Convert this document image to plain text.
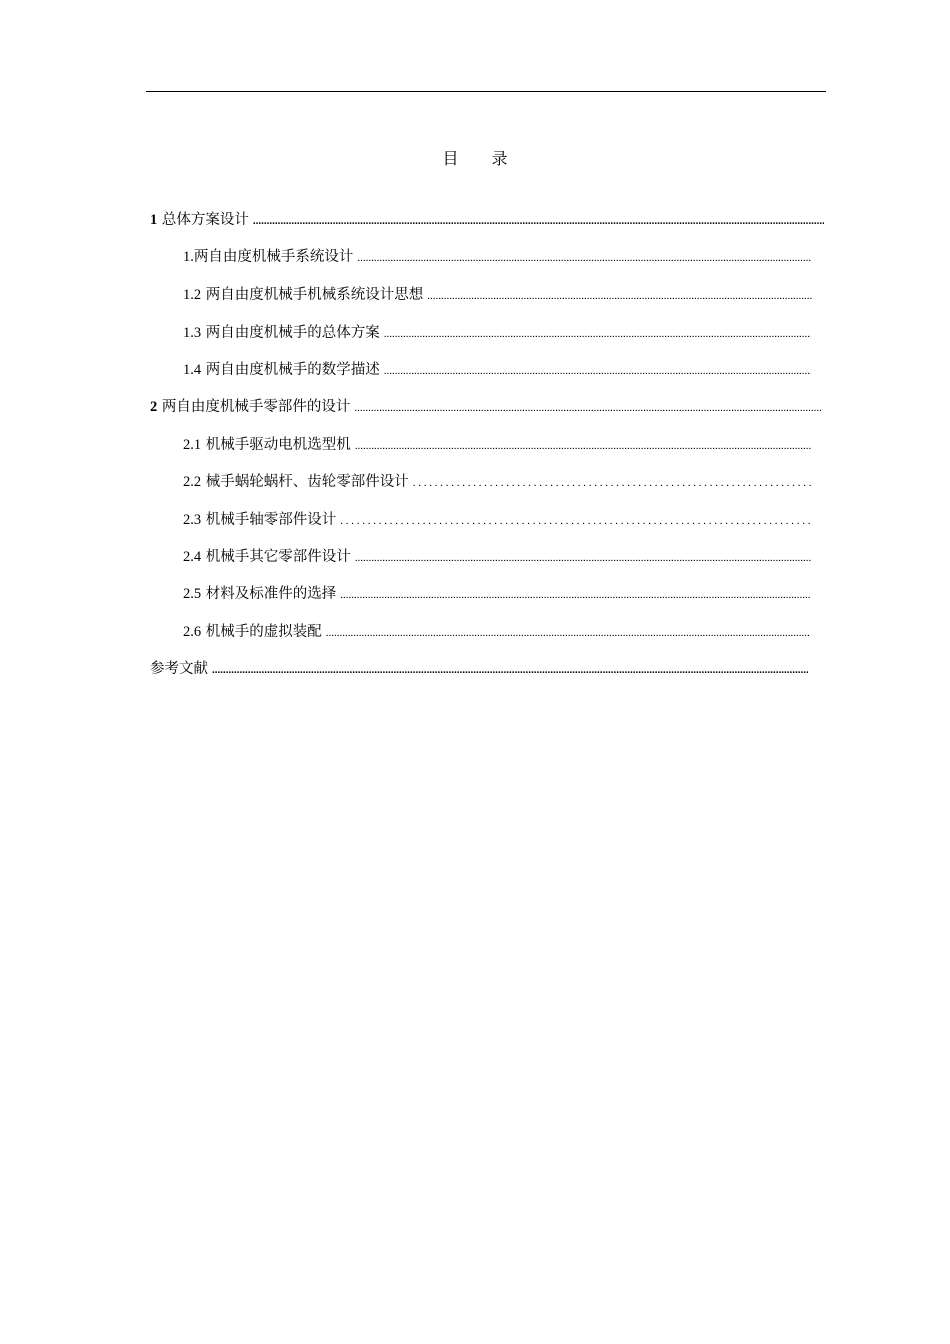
目 录
1 总体方案设计
.....
1.两自由度机械手系统设计
.....
1.2 两自由度机械手机械系统设计思想
.....
1.3 两自由度机械手的总体方案
.....
1.4 两自由度机械手的数学描述
.....
2 两自由度机械手零部件的设计
.....
2.1 机械手驱动电机选型机
.....
2.2 械手蜗轮蜗杆、齿轮零部件设计
. . .
2.3 机械手轴零部件设计
. . .
2.4 机械手其它零部件设计
.....
2.5 材料及标准件的选择
.....
2.6 机械手的虚拟装配
.....
参考文献
.....
